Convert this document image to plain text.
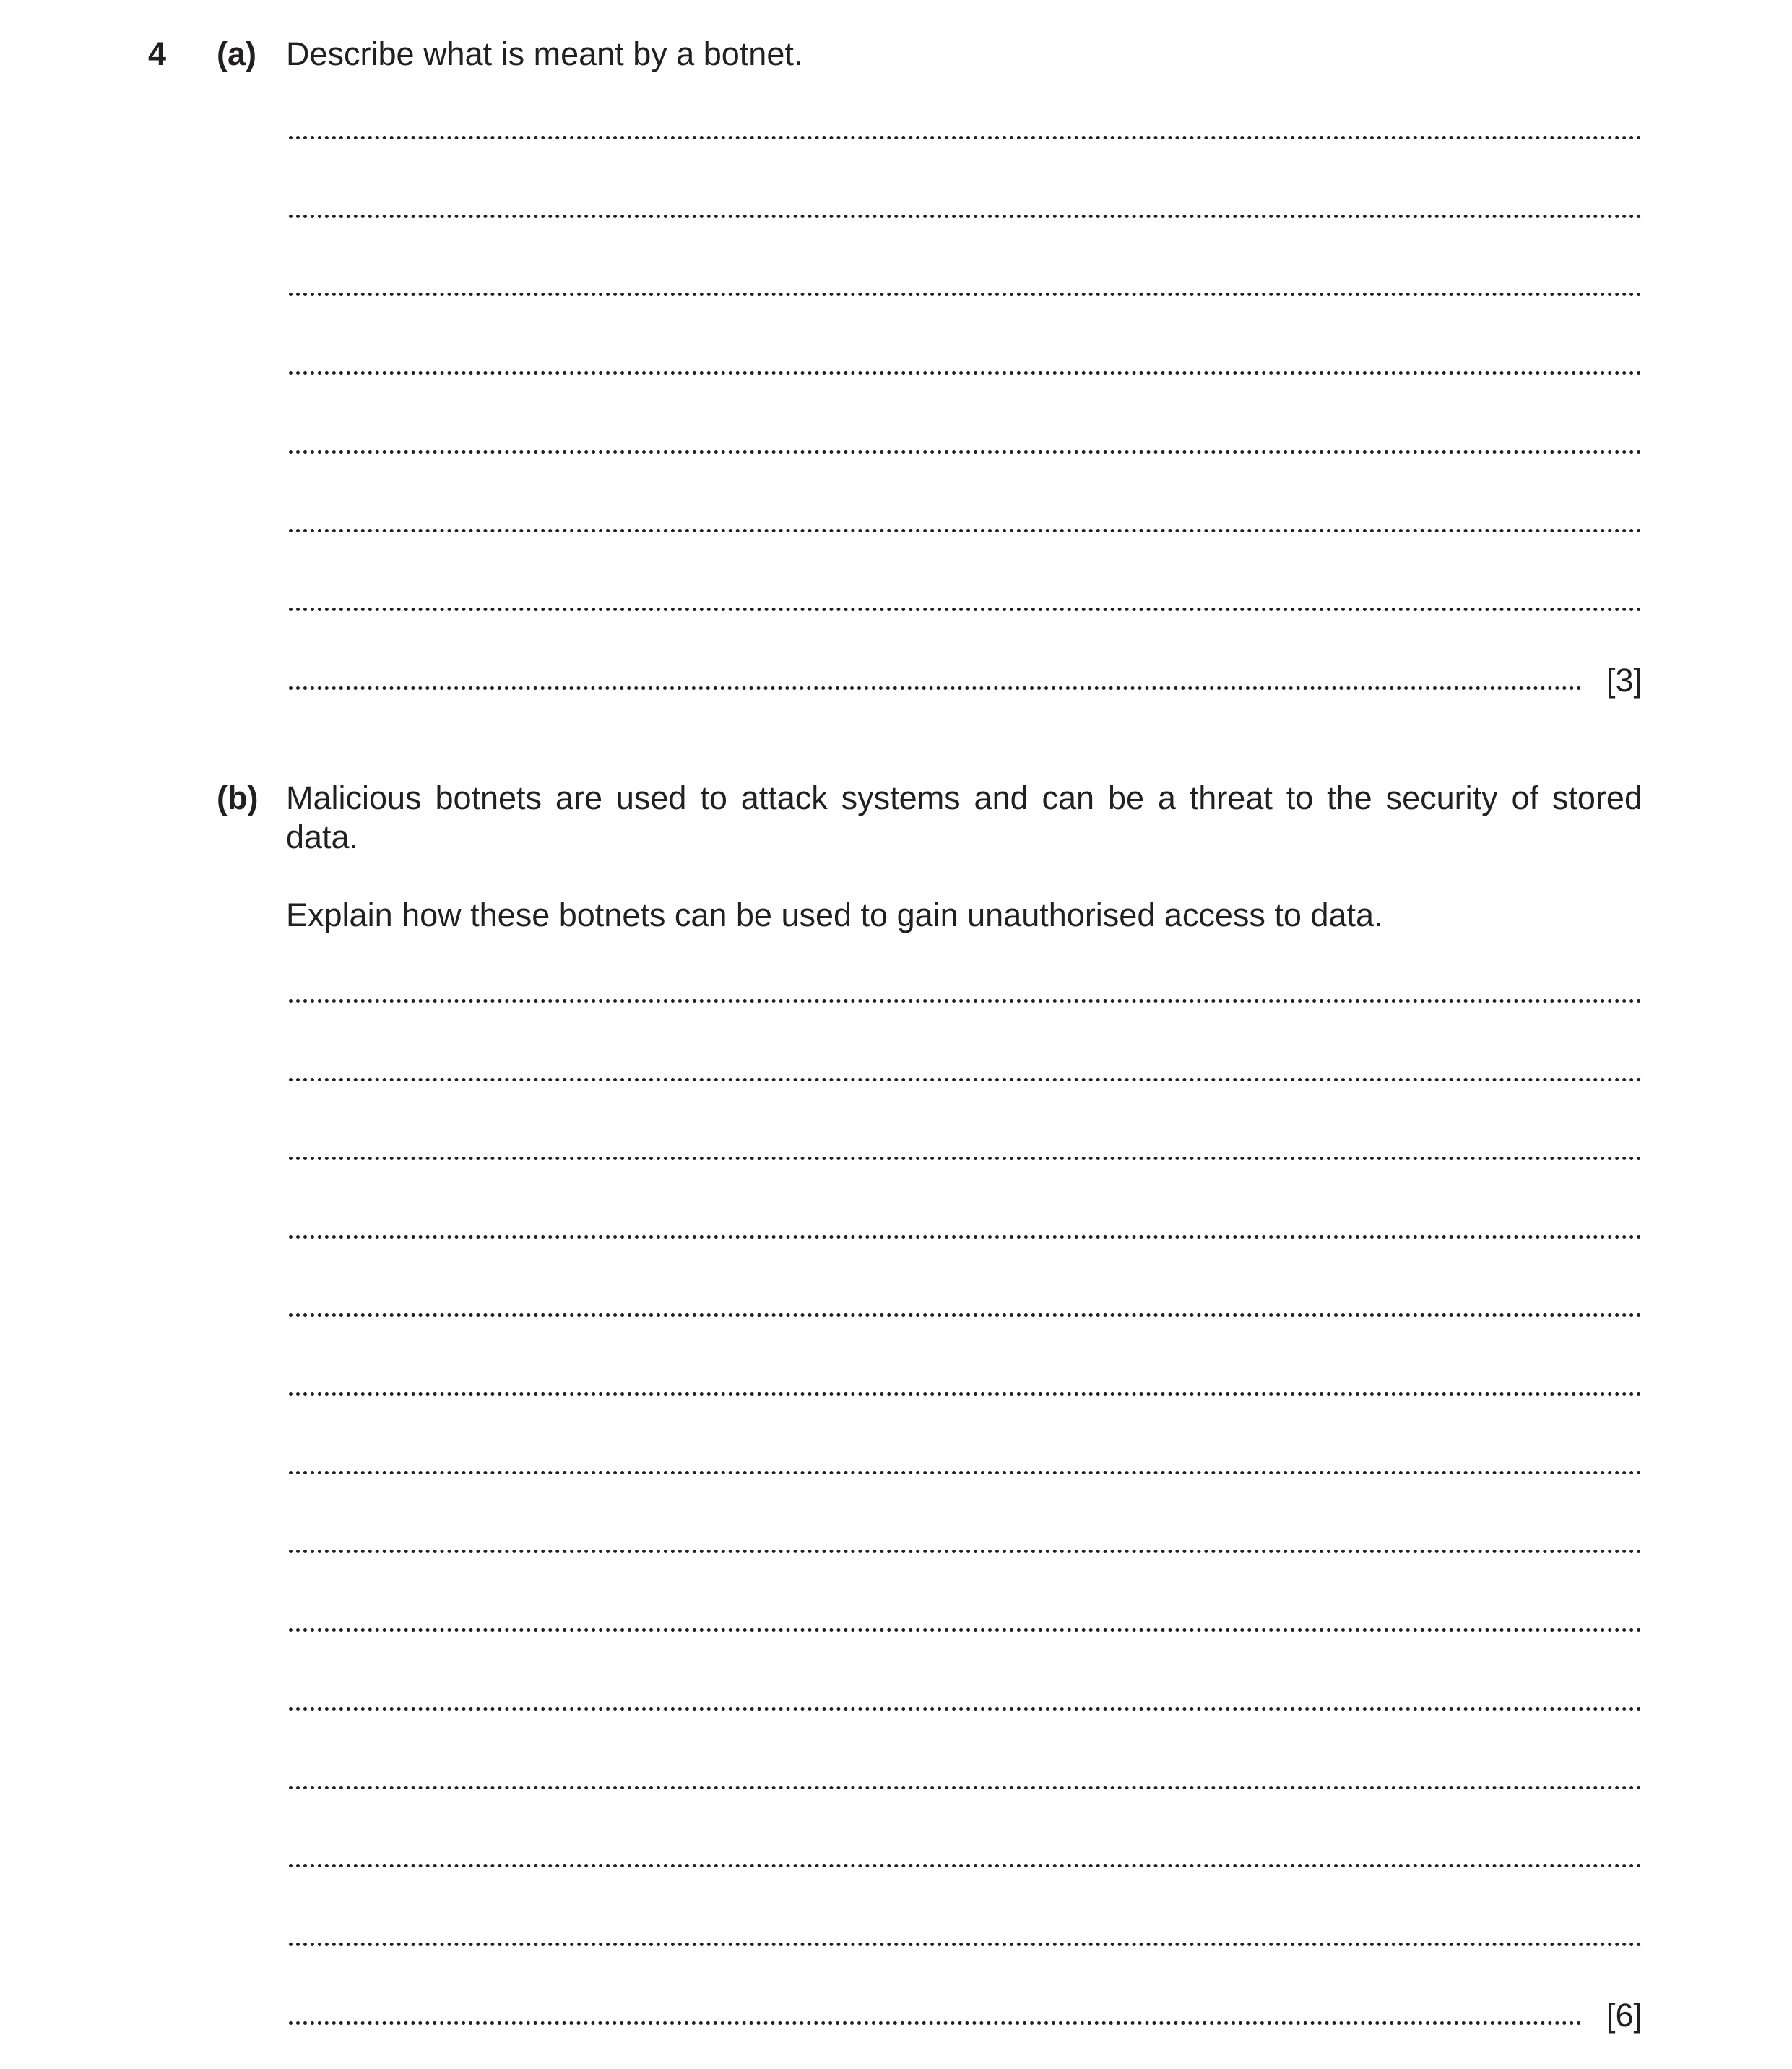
4 (a) Describe what is meant by a botnet.
[3]
(b) Malicious botnets are used to attack systems and can be a threat to the security of stored data.
Explain how these botnets can be used to gain unauthorised access to data.
[6]
